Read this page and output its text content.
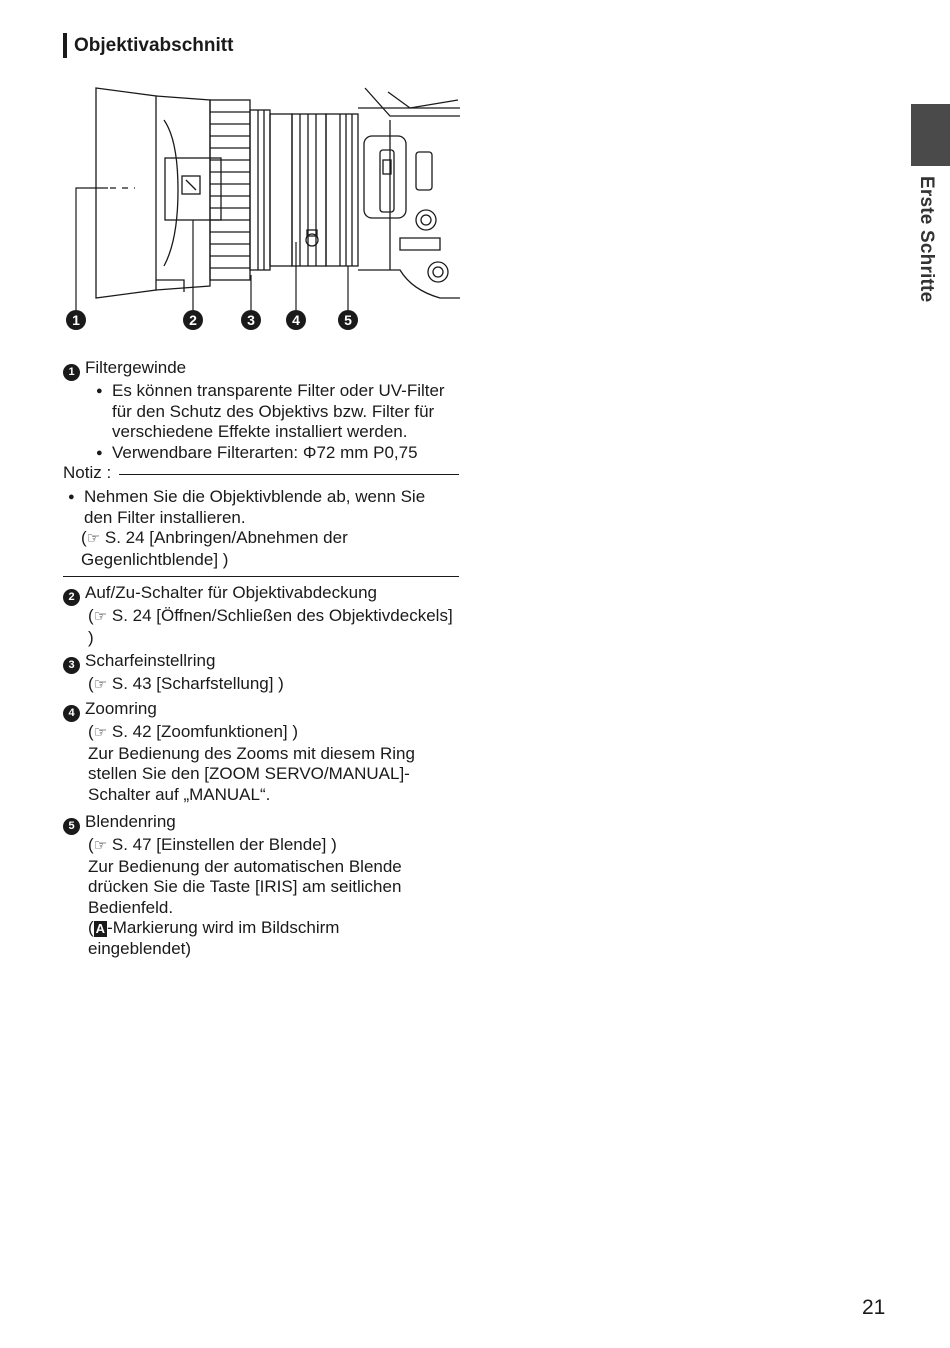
Objektivabschnitt
Erste Schritte
1	2	3	4	5
1 Filtergewinde
● Es können transparente Filter oder UV-Filter für den Schutz des Objektivs bzw. Filter für verschiedene Effekte installiert werden.
● Verwendbare Filterarten: Φ72 mm P0,75
Notiz :
● Nehmen Sie die Objektivblende ab, wenn Sie den Filter installieren.
(☞ S. 24 [Anbringen/Abnehmen der Gegenlichtblende] )
2 Auf/Zu-Schalter für Objektivabdeckung
(☞ S. 24 [Öffnen/Schließen des Objektivdeckels] )
3 Scharfeinstellring
(☞ S. 43 [Scharfstellung] )
4 Zoomring
(☞ S. 42 [Zoomfunktionen] )
Zur Bedienung des Zooms mit diesem Ring stellen Sie den [ZOOM SERVO/MANUAL]-Schalter auf „MANUAL“.
5 Blendenring
(☞ S. 47 [Einstellen der Blende] )
Zur Bedienung der automatischen Blende drücken Sie die Taste [IRIS] am seitlichen Bedienfeld.
( A -Markierung wird im Bildschirm eingeblendet)
21
